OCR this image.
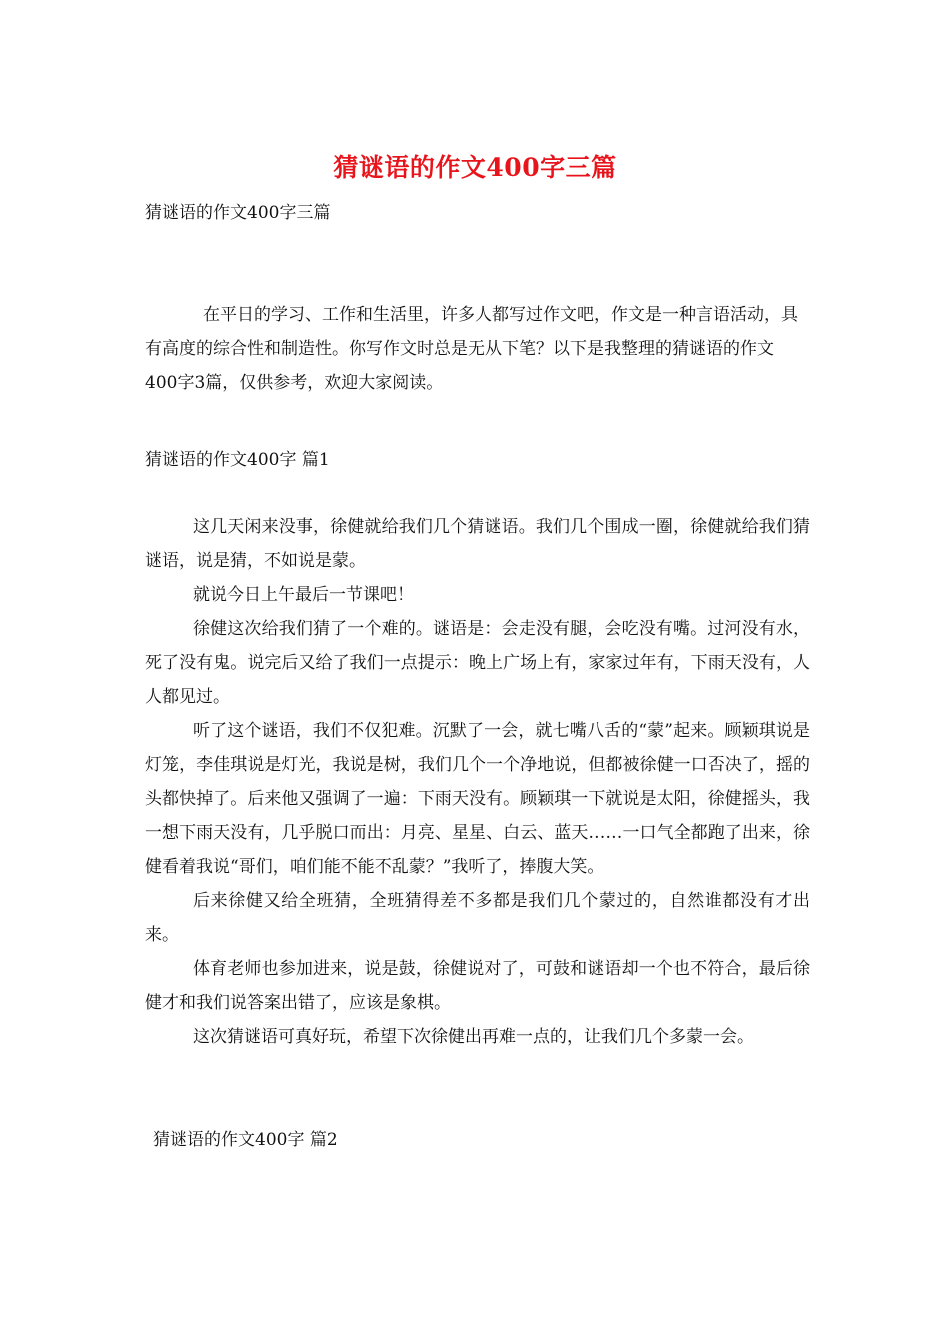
猜谜语的作文400字三篇
猜谜语的作文400字三篇

在平日的学习、工作和生活里，许多人都写过作文吧，作文是一种言语活动，具有高度的综合性和制造性。你写作文时总是无从下笔？以下是我整理的猜谜语的作文400字3篇，仅供参考，欢迎大家阅读。

猜谜语的作文400字 篇1

这几天闲来没事，徐健就给我们几个猜谜语。我们几个围成一圈，徐健就给我们猜谜语，说是猜，不如说是蒙。

就说今日上午最后一节课吧！

徐健这次给我们猜了一个难的。谜语是：会走没有腿，会吃没有嘴。过河没有水，死了没有鬼。说完后又给了我们一点提示：晚上广场上有，家家过年有，下雨天没有，人人都见过。

听了这个谜语，我们不仅犯难。沉默了一会，就七嘴八舌的“蒙”起来。顾颖琪说是灯笼，李佳琪说是灯光，我说是树，我们几个一个净地说，但都被徐健一口否决了，摇的头都快掉了。后来他又强调了一遍：下雨天没有。顾颖琪一下就说是太阳，徐健摇头，我一想下雨天没有，几乎脱口而出：月亮、星星、白云、蓝天……一口气全都跑了出来，徐健看着我说“哥们，咱们能不能不乱蒙？”我听了，捧腹大笑。

后来徐健又给全班猜，全班猜得差不多都是我们几个蒙过的，自然谁都没有才出来。

体育老师也参加进来，说是鼓，徐健说对了，可鼓和谜语却一个也不符合，最后徐健才和我们说答案出错了，应该是象棋。

这次猜谜语可真好玩，希望下次徐健出再难一点的，让我们几个多蒙一会。

猜谜语的作文400字 篇2
